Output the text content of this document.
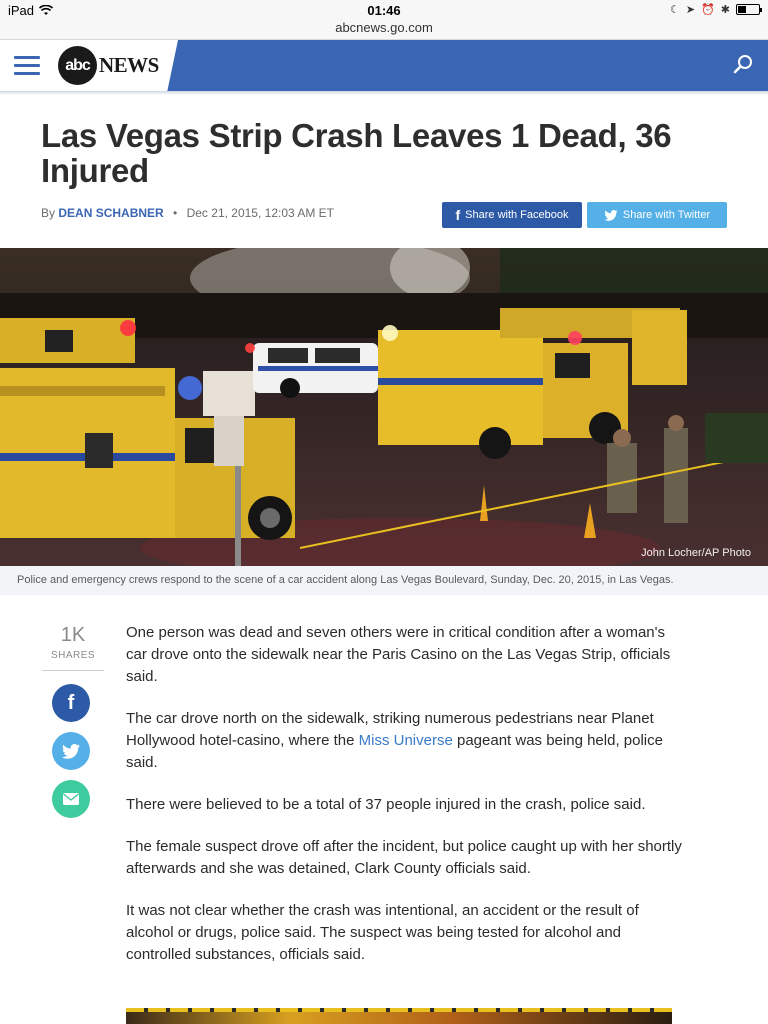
iPad	01:46
abcnews.go.com
☾ ➤ ⏰ ✱
abc NEWS
Las Vegas Strip Crash Leaves 1 Dead, 36 Injured
By DEAN SCHABNER • Dec 21, 2015, 12:03 AM ET	f Share with Facebook	Share with Twitter
John Locher/AP Photo
Police and emergency crews respond to the scene of a car accident along Las Vegas Boulevard, Sunday, Dec. 20, 2015, in Las Vegas.
1K
SHARES
f

One person was dead and seven others were in critical condition after a woman's car drove onto the sidewalk near the Paris Casino on the Las Vegas Strip, officials said.

The car drove north on the sidewalk, striking numerous pedestrians near Planet Hollywood hotel-casino, where the Miss Universe pageant was being held, police said.

There were believed to be a total of 37 people injured in the crash, police said.

The female suspect drove off after the incident, but police caught up with her shortly afterwards and she was detained, Clark County officials said.

It was not clear whether the crash was intentional, an accident or the result of alcohol or drugs, police said. The suspect was being tested for alcohol and controlled substances, officials said.
